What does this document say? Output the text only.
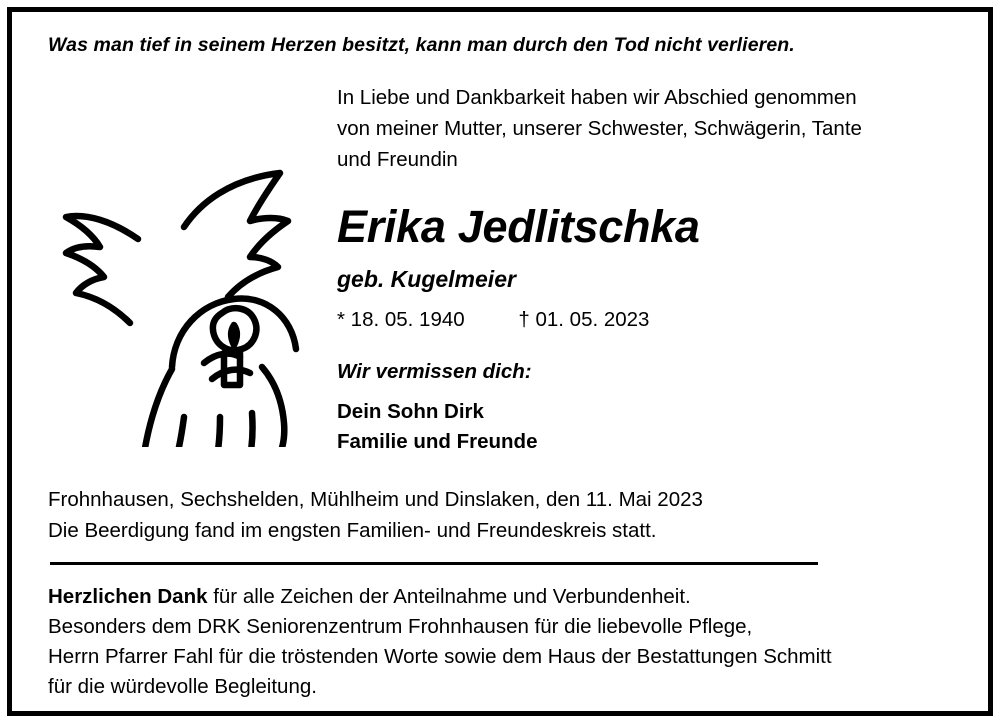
Was man tief in seinem Herzen besitzt, kann man durch den Tod nicht verlieren.
In Liebe und Dankbarkeit haben wir Abschied genommen
von meiner Mutter, unserer Schwester, Schwägerin, Tante
und Freundin
Erika Jedlitschka
geb. Kugelmeier
* 18. 05. 1940	† 01. 05. 2023
Wir vermissen dich:
Dein Sohn Dirk
Familie und Freunde
Frohnhausen, Sechshelden, Mühlheim und Dinslaken, den 11. Mai 2023
Die Beerdigung fand im engsten Familien- und Freundeskreis statt.
Herzlichen Dank für alle Zeichen der Anteilnahme und Verbundenheit.
Besonders dem DRK Seniorenzentrum Frohnhausen für die liebevolle Pflege,
Herrn Pfarrer Fahl für die tröstenden Worte sowie dem Haus der Bestattungen Schmitt
für die würdevolle Begleitung.
